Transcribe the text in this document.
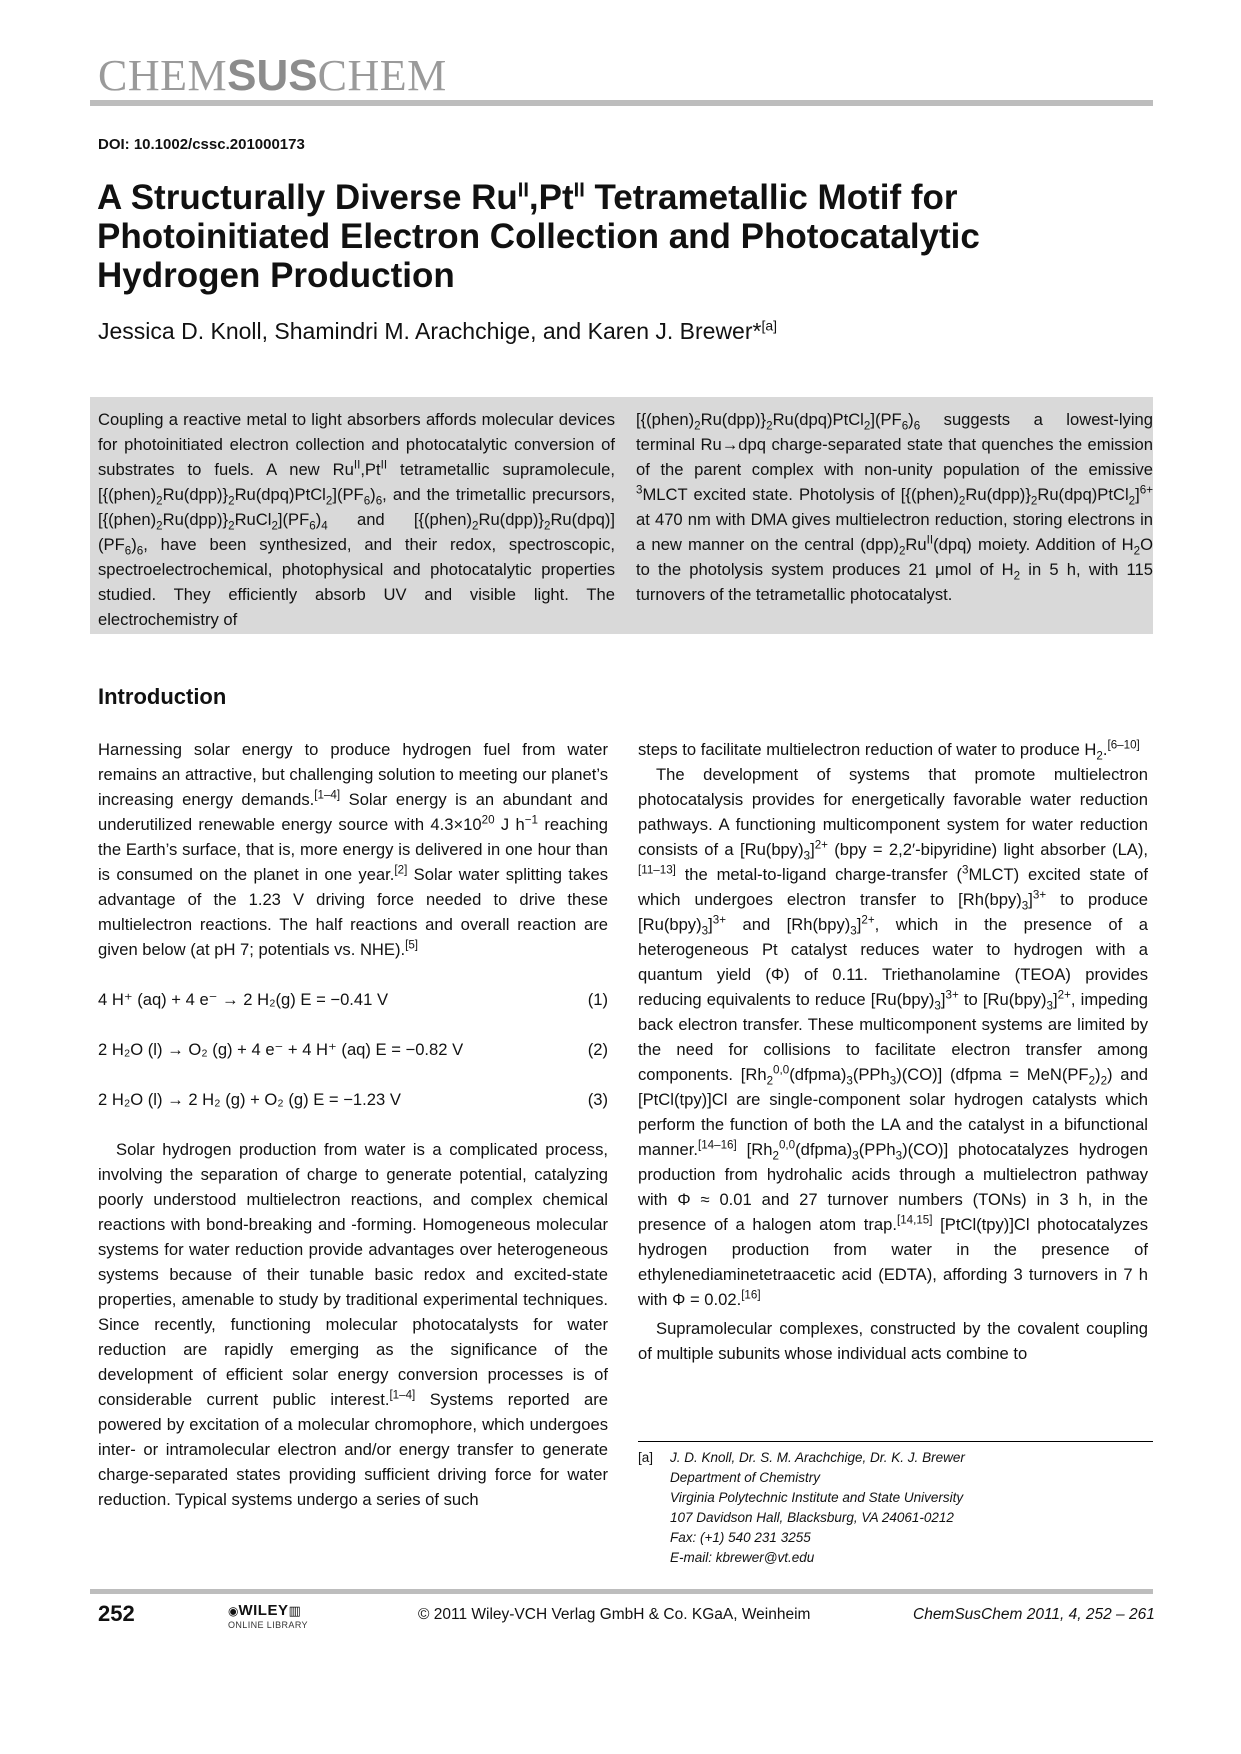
CHEMSUSCHEM
DOI: 10.1002/cssc.201000173
A Structurally Diverse $Ru^{II},Pt^{II}$ Tetrametallic Motif for Photoinitiated Electron Collection and Photocatalytic Hydrogen Production
Jessica D. Knoll, Shamindri M. Arachchige, and Karen J. Brewer*[a]
Coupling a reactive metal to light absorbers affords molecular devices for photoinitiated electron collection and photocatalytic conversion of substrates to fuels. A new $Ru^{II},Pt^{II}$ tetrametallic supramolecule, $[\{(phen)_2Ru(dpp)\}_2Ru(dpq)PtCl_2](PF_6)_6$, and the trimetallic precursors, $[\{(phen)_2Ru(dpp)\}_2RuCl_2](PF_6)_4$ and $[\{(phen)_2Ru(dpp)\}_2Ru(dpq)](PF_6)_6$, have been synthesized, and their redox, spectroscopic, spectroelectrochemical, photophysical and photocatalytic properties studied. They efficiently absorb UV and visible light. The electrochemistry of
$[\{(phen)_2Ru(dpp)\}_2Ru(dpq)PtCl_2](PF_6)_6$ suggests a lowest-lying terminal Ru→dpq charge-separated state that quenches the emission of the parent complex with non-unity population of the emissive $^3$MLCT excited state. Photolysis of $[\{(phen)_2Ru(dpp)\}_2Ru(dpq)PtCl_2]^{6+}$ at 470 nm with DMA gives multielectron reduction, storing electrons in a new manner on the central $(dpp)_2Ru^{II}(dpq)$ moiety. Addition of $H_2O$ to the photolysis system produces 21 μmol of $H_2$ in 5 h, with 115 turnovers of the tetrametallic photocatalyst.
Introduction

Harnessing solar energy to produce hydrogen fuel from water remains an attractive, but challenging solution to meeting our planet’s increasing energy demands.[1–4] Solar energy is an abundant and underutilized renewable energy source with $4.3\times 10^{20}$ J $h^{-1}$ reaching the Earth’s surface, that is, more energy is delivered in one hour than is consumed on the planet in one year.[2] Solar water splitting takes advantage of the 1.23 V driving force needed to drive these multielectron reactions. The half reactions and overall reaction are given below (at pH 7; potentials vs. NHE).[5]

4 H⁺ (aq) + 4 e⁻ → 2 H₂(g) E = −0.41 V	(1)
2 H₂O (l) → O₂ (g) + 4 e⁻ + 4 H⁺ (aq) E = −0.82 V	(2)
2 H₂O (l) → 2 H₂ (g) + O₂ (g) E = −1.23 V	(3)

Solar hydrogen production from water is a complicated process, involving the separation of charge to generate potential, catalyzing poorly understood multielectron reactions, and complex chemical reactions with bond-breaking and -forming. Homogeneous molecular systems for water reduction provide advantages over heterogeneous systems because of their tunable basic redox and excited-state properties, amenable to study by traditional experimental techniques. Since recently, functioning molecular photocatalysts for water reduction are rapidly emerging as the significance of the development of efficient solar energy conversion processes is of considerable current public interest.[1–4] Systems reported are powered by excitation of a molecular chromophore, which undergoes inter- or intramolecular electron and/or energy transfer to generate charge-separated states providing sufficient driving force for water reduction. Typical systems undergo a series of such

steps to facilitate multielectron reduction of water to produce $H_2.[6-10]$

The development of systems that promote multielectron photocatalysis provides for energetically favorable water reduction pathways. A functioning multicomponent system for water reduction consists of a $[Ru(bpy)_3]^{2+}$ (bpy = 2,2′-bipyridine) light absorber (LA),[11–13] the metal-to-ligand charge-transfer ($^3$MLCT) excited state of which undergoes electron transfer to $[Rh(bpy)_3]^{3+}$ to produce $[Ru(bpy)_3]^{3+}$ and $[Rh(bpy)_3]^{2+}$, which in the presence of a heterogeneous Pt catalyst reduces water to hydrogen with a quantum yield (Φ) of 0.11. Triethanolamine (TEOA) provides reducing equivalents to reduce $[Ru(bpy)_3]^{3+}$ to $[Ru(bpy)_3]^{2+}$, impeding back electron transfer. These multicomponent systems are limited by the need for collisions to facilitate electron transfer among components. $[Rh_2^{0,0}(dfpma)_3(PPh_3)(CO)]$ (dfpma = $MeN(PF_2)_2$) and [PtCl(tpy)]Cl are single-component solar hydrogen catalysts which perform the function of both the LA and the catalyst in a bifunctional manner.[14–16] $[Rh_2^{0,0}(dfpma)_3(PPh_3)(CO)]$ photocatalyzes hydrogen production from hydrohalic acids through a multielectron pathway with Φ ≈ 0.01 and 27 turnover numbers (TONs) in 3 h, in the presence of a halogen atom trap.[14,15] [PtCl(tpy)]Cl photocatalyzes hydrogen production from water in the presence of ethylenediaminetetraacetic acid (EDTA), affording 3 turnovers in 7 h with Φ = 0.02.[16]

Supramolecular complexes, constructed by the covalent coupling of multiple subunits whose individual acts combine to

[a]	J. D. Knoll, Dr. S. M. Arachchige, Dr. K. J. Brewer
Department of Chemistry
Virginia Polytechnic Institute and State University
107 Davidson Hall, Blacksburg, VA 24061-0212
Fax: (+1) 540 231 3255
E-mail: kbrewer@vt.edu
252	◉WILEY▥
ONLINE LIBRARY
© 2011 Wiley-VCH Verlag GmbH & Co. KGaA, Weinheim	ChemSusChem 2011, 4, 252 – 261
